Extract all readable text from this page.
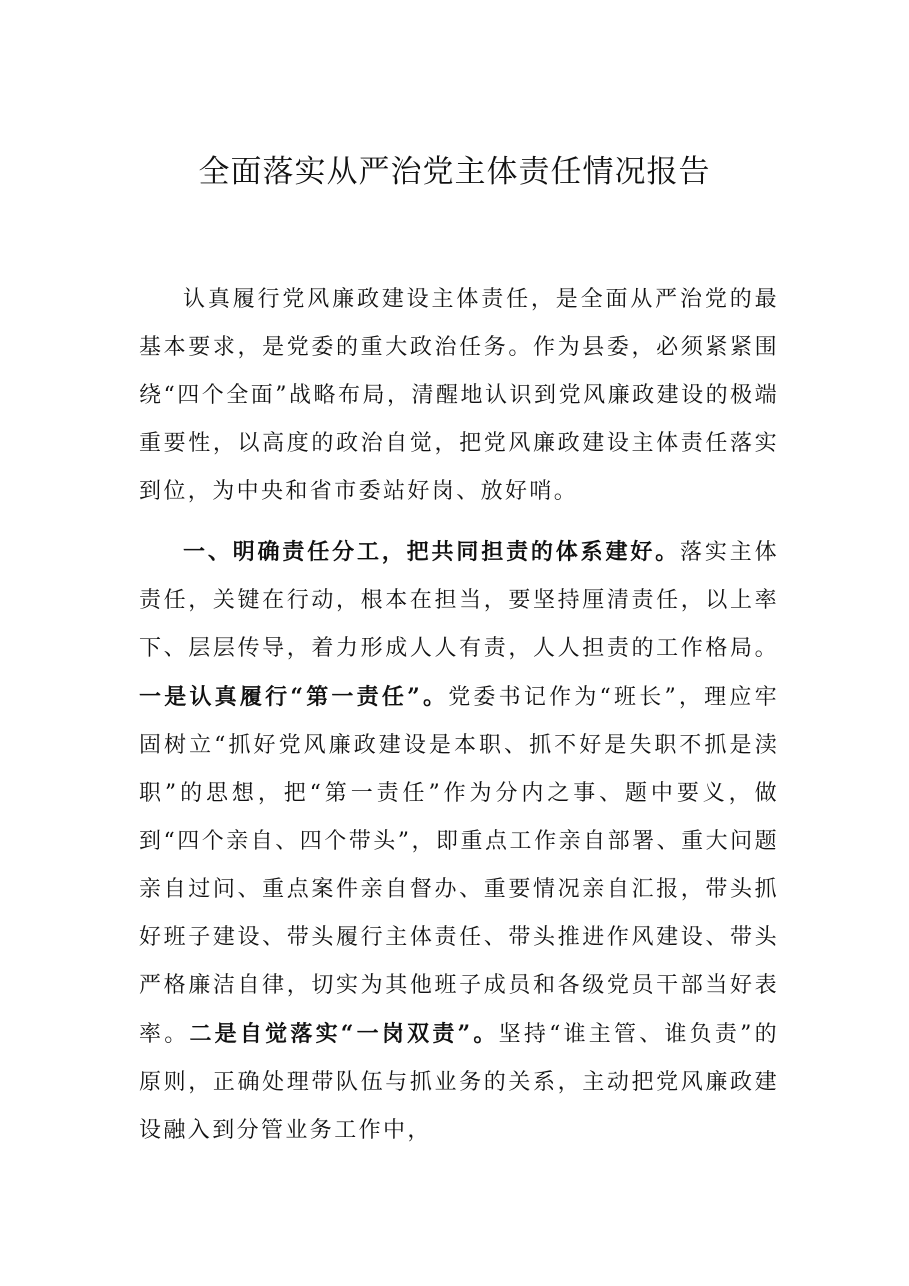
全面落实从严治党主体责任情况报告

认真履行党风廉政建设主体责任，是全面从严治党的最基本要求，是党委的重大政治任务。作为县委，必须紧紧围绕“四个全面”战略布局，清醒地认识到党风廉政建设的极端重要性，以高度的政治自觉，把党风廉政建设主体责任落实到位，为中央和省市委站好岗、放好哨。

一、明确责任分工，把共同担责的体系建好。落实主体责任，关键在行动，根本在担当，要坚持厘清责任，以上率下、层层传导，着力形成人人有责，人人担责的工作格局。一是认真履行“第一责任”。党委书记作为“班长”，理应牢固树立“抓好党风廉政建设是本职、抓不好是失职不抓是渎职”的思想，把“第一责任”作为分内之事、题中要义，做到“四个亲自、四个带头”，即重点工作亲自部署、重大问题亲自过问、重点案件亲自督办、重要情况亲自汇报，带头抓好班子建设、带头履行主体责任、带头推进作风建设、带头严格廉洁自律，切实为其他班子成员和各级党员干部当好表率。二是自觉落实“一岗双责”。坚持“谁主管、谁负责”的原则，正确处理带队伍与抓业务的关系，主动把党风廉政建设融入到分管业务工作中，
